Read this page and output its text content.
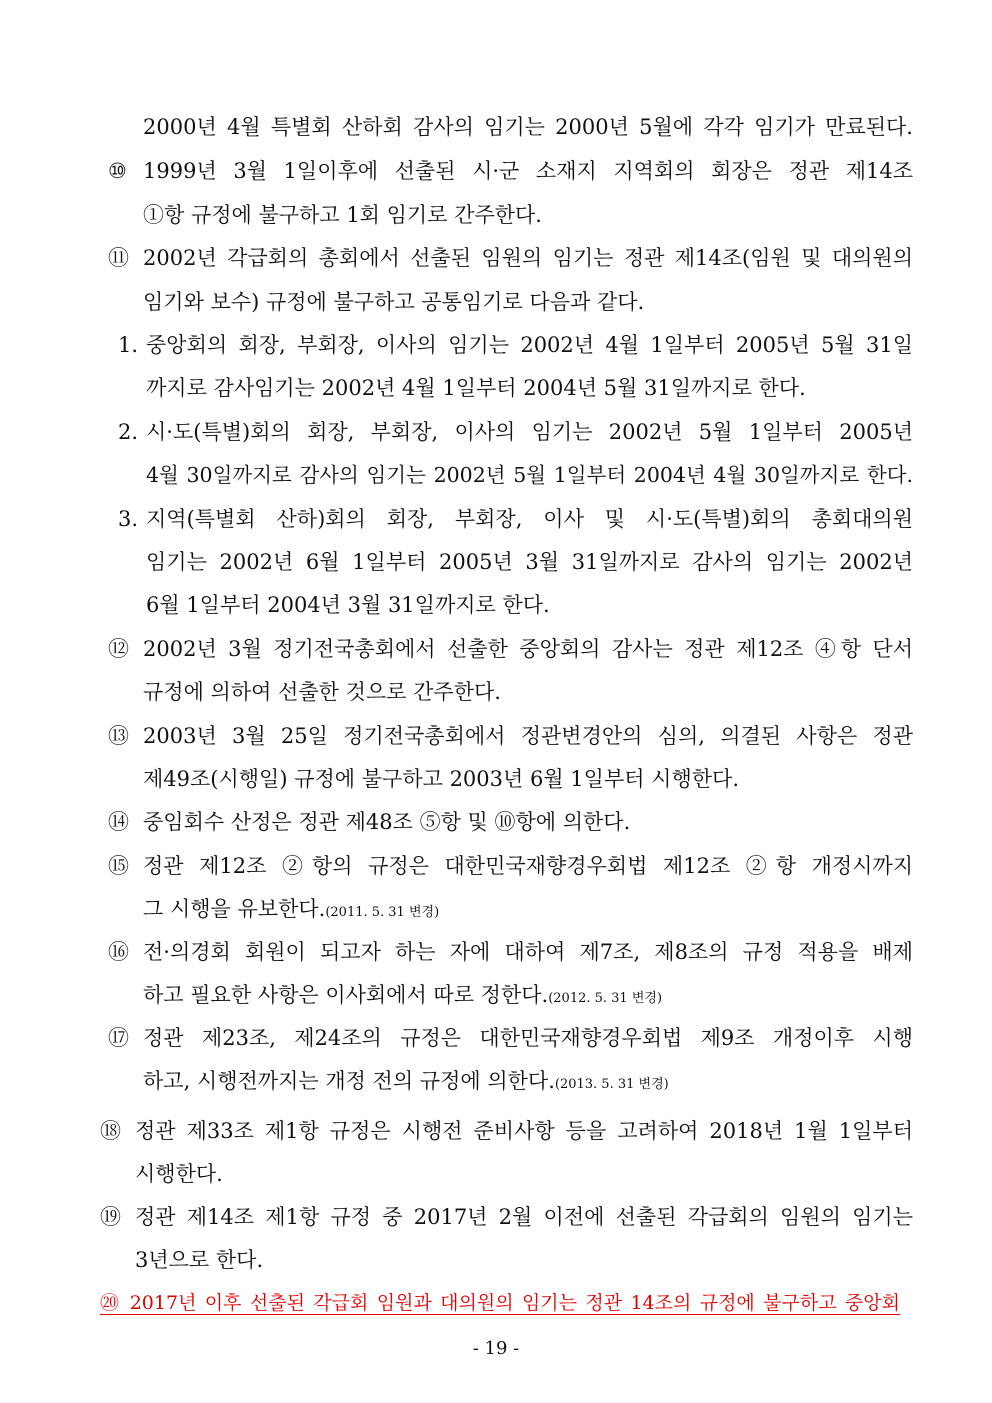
2000년 4월 특별회 산하회 감사의 임기는 2000년 5월에 각각 임기가 만료된다.
⑩ 1999년 3월 1일이후에 선출된 시·군 소재지 지역회의 회장은 정관 제14조
①항 규정에 불구하고 1회 임기로 간주한다.
⑪ 2002년 각급회의 총회에서 선출된 임원의 임기는 정관 제14조(임원 및 대의원의
임기와 보수) 규정에 불구하고 공통임기로 다음과 같다.
1. 중앙회의 회장, 부회장, 이사의 임기는 2002년 4월 1일부터 2005년 5월 31일
까지로 감사임기는 2002년 4월 1일부터 2004년 5월 31일까지로 한다.
2. 시·도(특별)회의 회장, 부회장, 이사의 임기는 2002년 5월 1일부터 2005년
4월 30일까지로 감사의 임기는 2002년 5월 1일부터 2004년 4월 30일까지로 한다.
3. 지역(특별회 산하)회의 회장, 부회장, 이사 및 시·도(특별)회의 총회대의원
임기는 2002년 6월 1일부터 2005년 3월 31일까지로 감사의 임기는 2002년
6월 1일부터 2004년 3월 31일까지로 한다.
⑫ 2002년 3월 정기전국총회에서 선출한 중앙회의 감사는 정관 제12조 ④항 단서
규정에 의하여 선출한 것으로 간주한다.
⑬ 2003년 3월 25일 정기전국총회에서 정관변경안의 심의, 의결된 사항은 정관
제49조(시행일) 규정에 불구하고 2003년 6월 1일부터 시행한다.
⑭ 중임회수 산정은 정관 제48조 ⑤항 및 ⑩항에 의한다.
⑮ 정관 제12조 ②항의 규정은 대한민국재향경우회법 제12조 ②항 개정시까지
그 시행을 유보한다.(2011. 5. 31 변경)
⑯ 전·의경회 회원이 되고자 하는 자에 대하여 제7조, 제8조의 규정 적용을 배제
하고 필요한 사항은 이사회에서 따로 정한다.(2012. 5. 31 변경)
⑰ 정관 제23조, 제24조의 규정은 대한민국재향경우회법 제9조 개정이후 시행
하고, 시행전까지는 개정 전의 규정에 의한다.(2013. 5. 31 변경)
⑱ 정관 제33조 제1항 규정은 시행전 준비사항 등을 고려하여 2018년 1월 1일부터
시행한다.
⑲ 정관 제14조 제1항 규정 중 2017년 2월 이전에 선출된 각급회의 임원의 임기는
3년으로 한다.
⑳ 2017년 이후 선출된 각급회 임원과 대의원의 임기는 정관 14조의 규정에 불구하고 중앙회
- 19 -
